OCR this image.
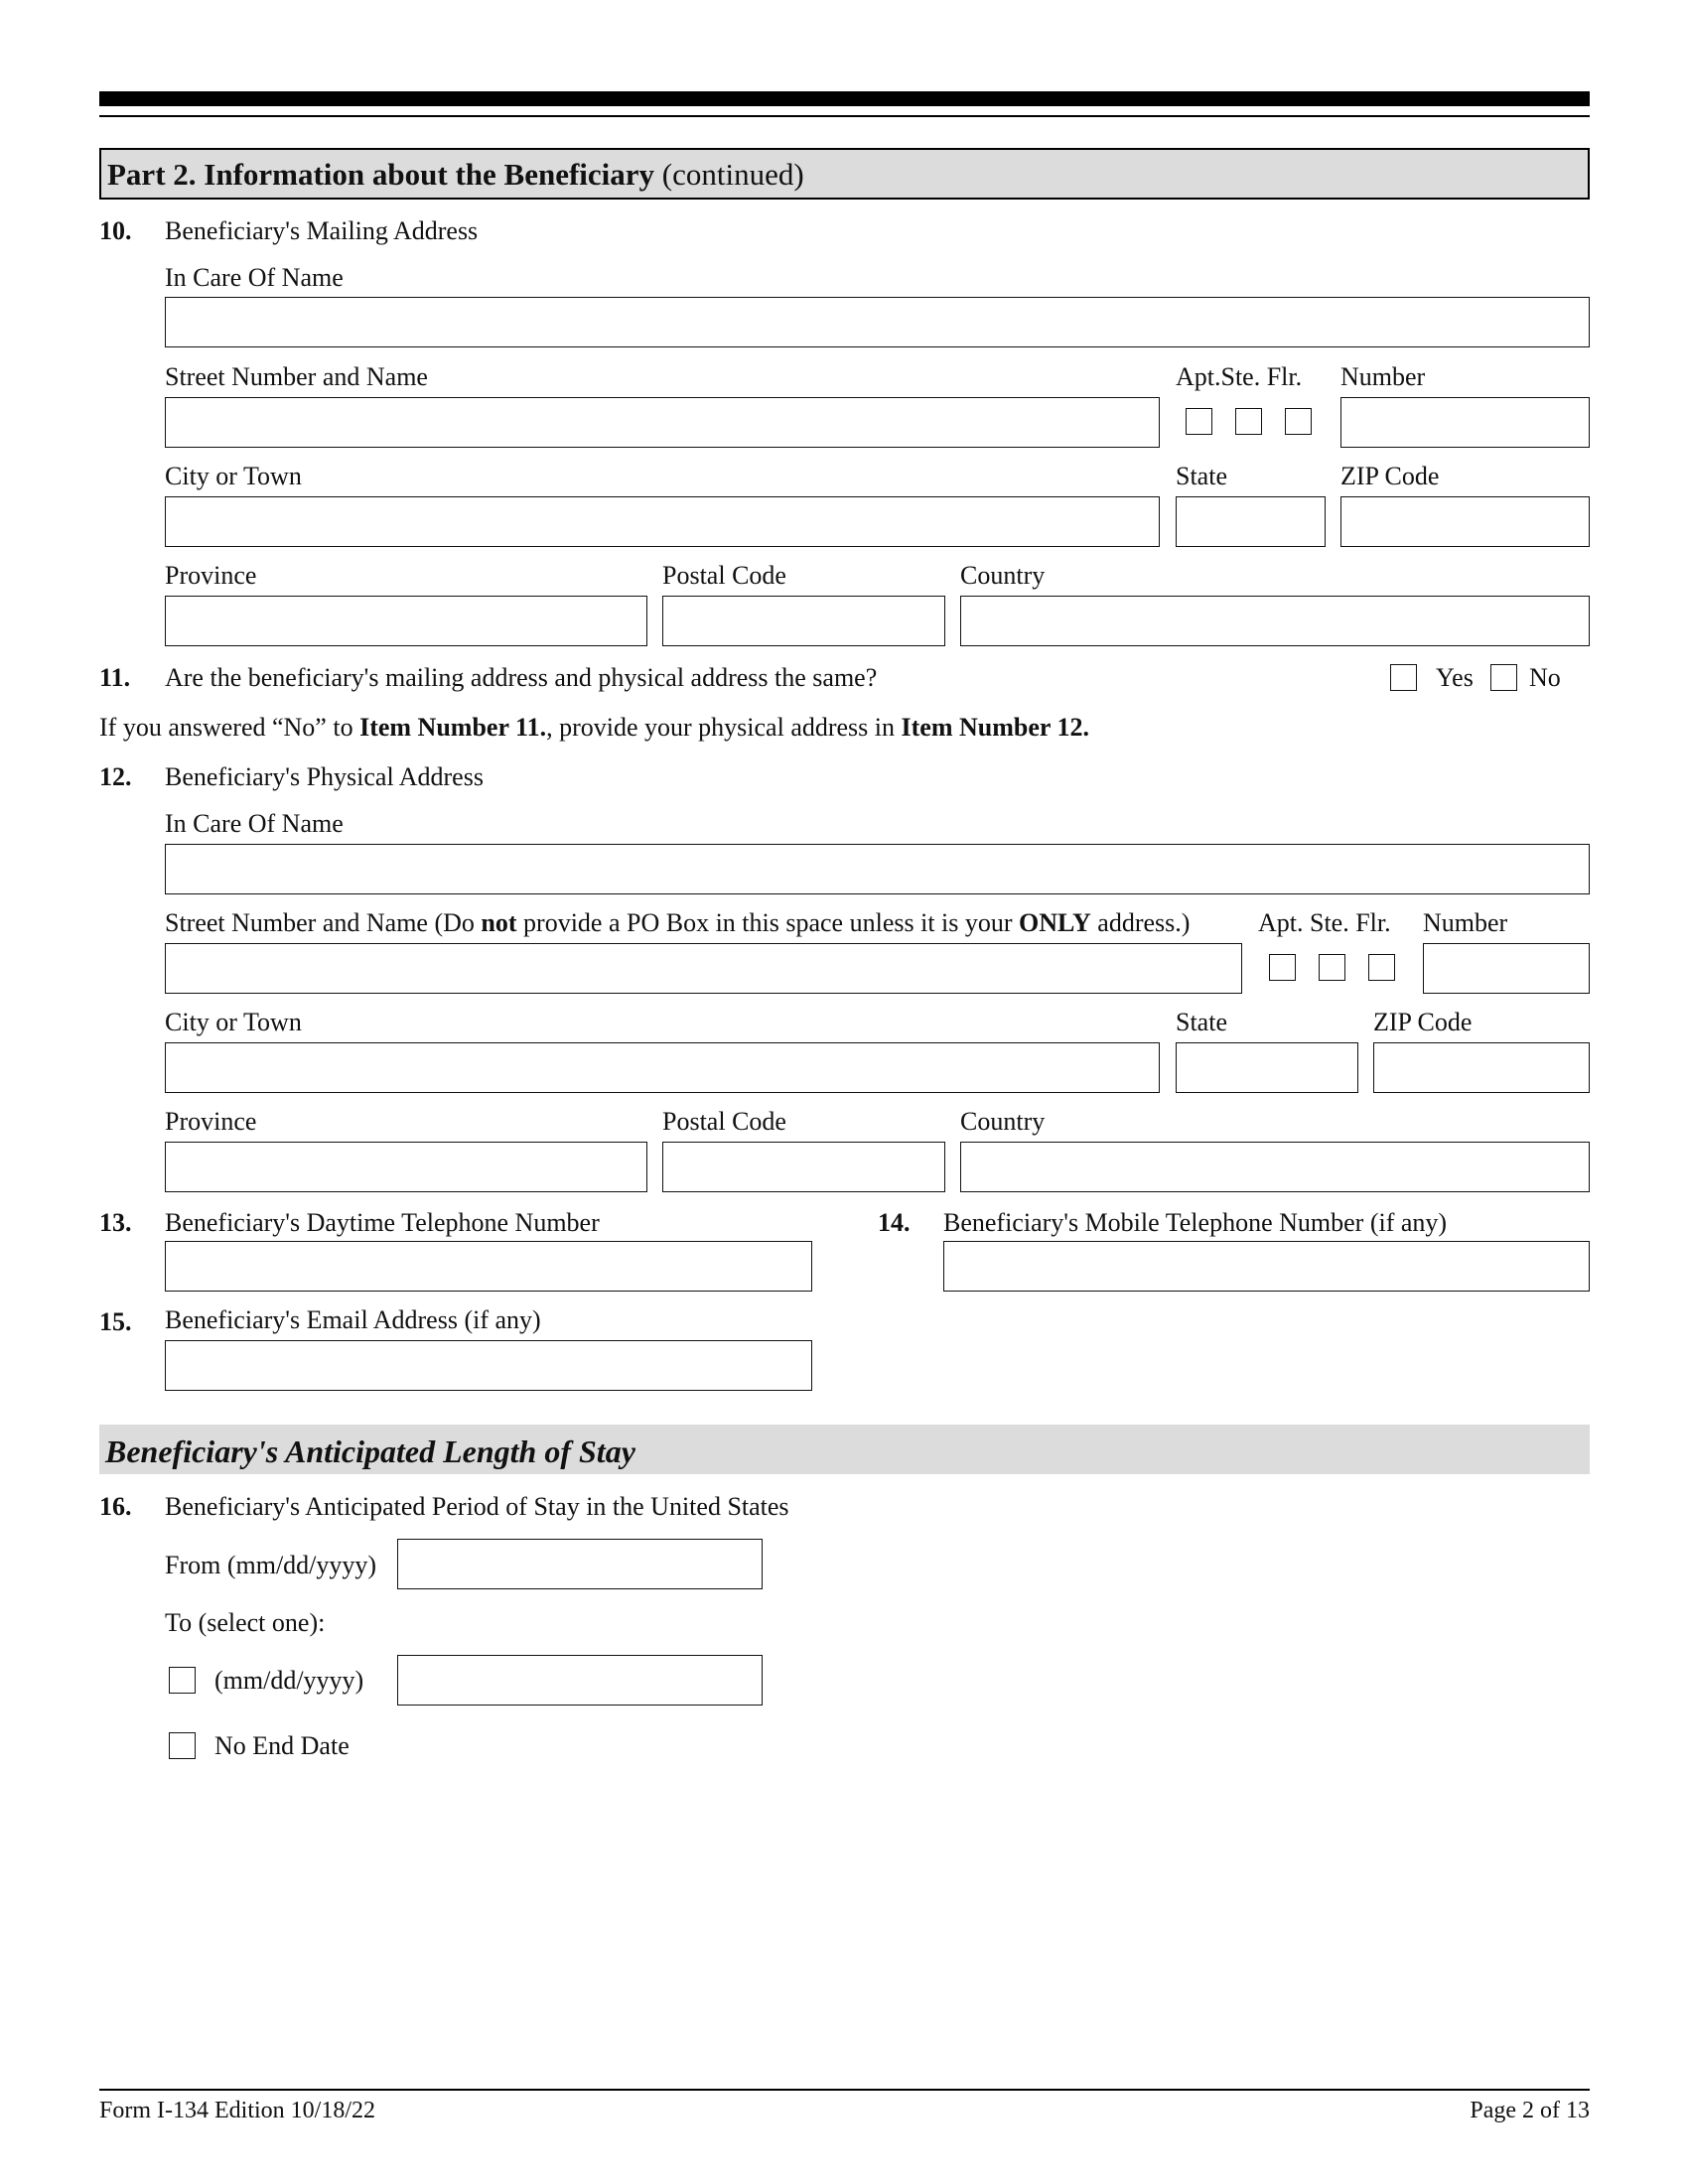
Part 2. Information about the Beneficiary (continued)
10. Beneficiary's Mailing Address
In Care Of Name
Street Number and Name	Apt.Ste. Flr. Number
City or Town	State	ZIP Code
Province	Postal Code	Country
11. Are the beneficiary's mailing address and physical address the same?	Yes No
If you answered “No” to Item Number 11., provide your physical address in Item Number 12.
12. Beneficiary's Physical Address
In Care Of Name
Street Number and Name (Do not provide a PO Box in this space unless it is your ONLY address.)	Apt. Ste. Flr. Number
City or Town	State	ZIP Code
Province	Postal Code	Country
13. Beneficiary's Daytime Telephone Number	14. Beneficiary's Mobile Telephone Number (if any)
15. Beneficiary's Email Address (if any)
Beneficiary's Anticipated Length of Stay
16. Beneficiary's Anticipated Period of Stay in the United States
From (mm/dd/yyyy)
To (select one):
(mm/dd/yyyy)
No End Date
Form I-134 Edition 10/18/22	Page 2 of 13
